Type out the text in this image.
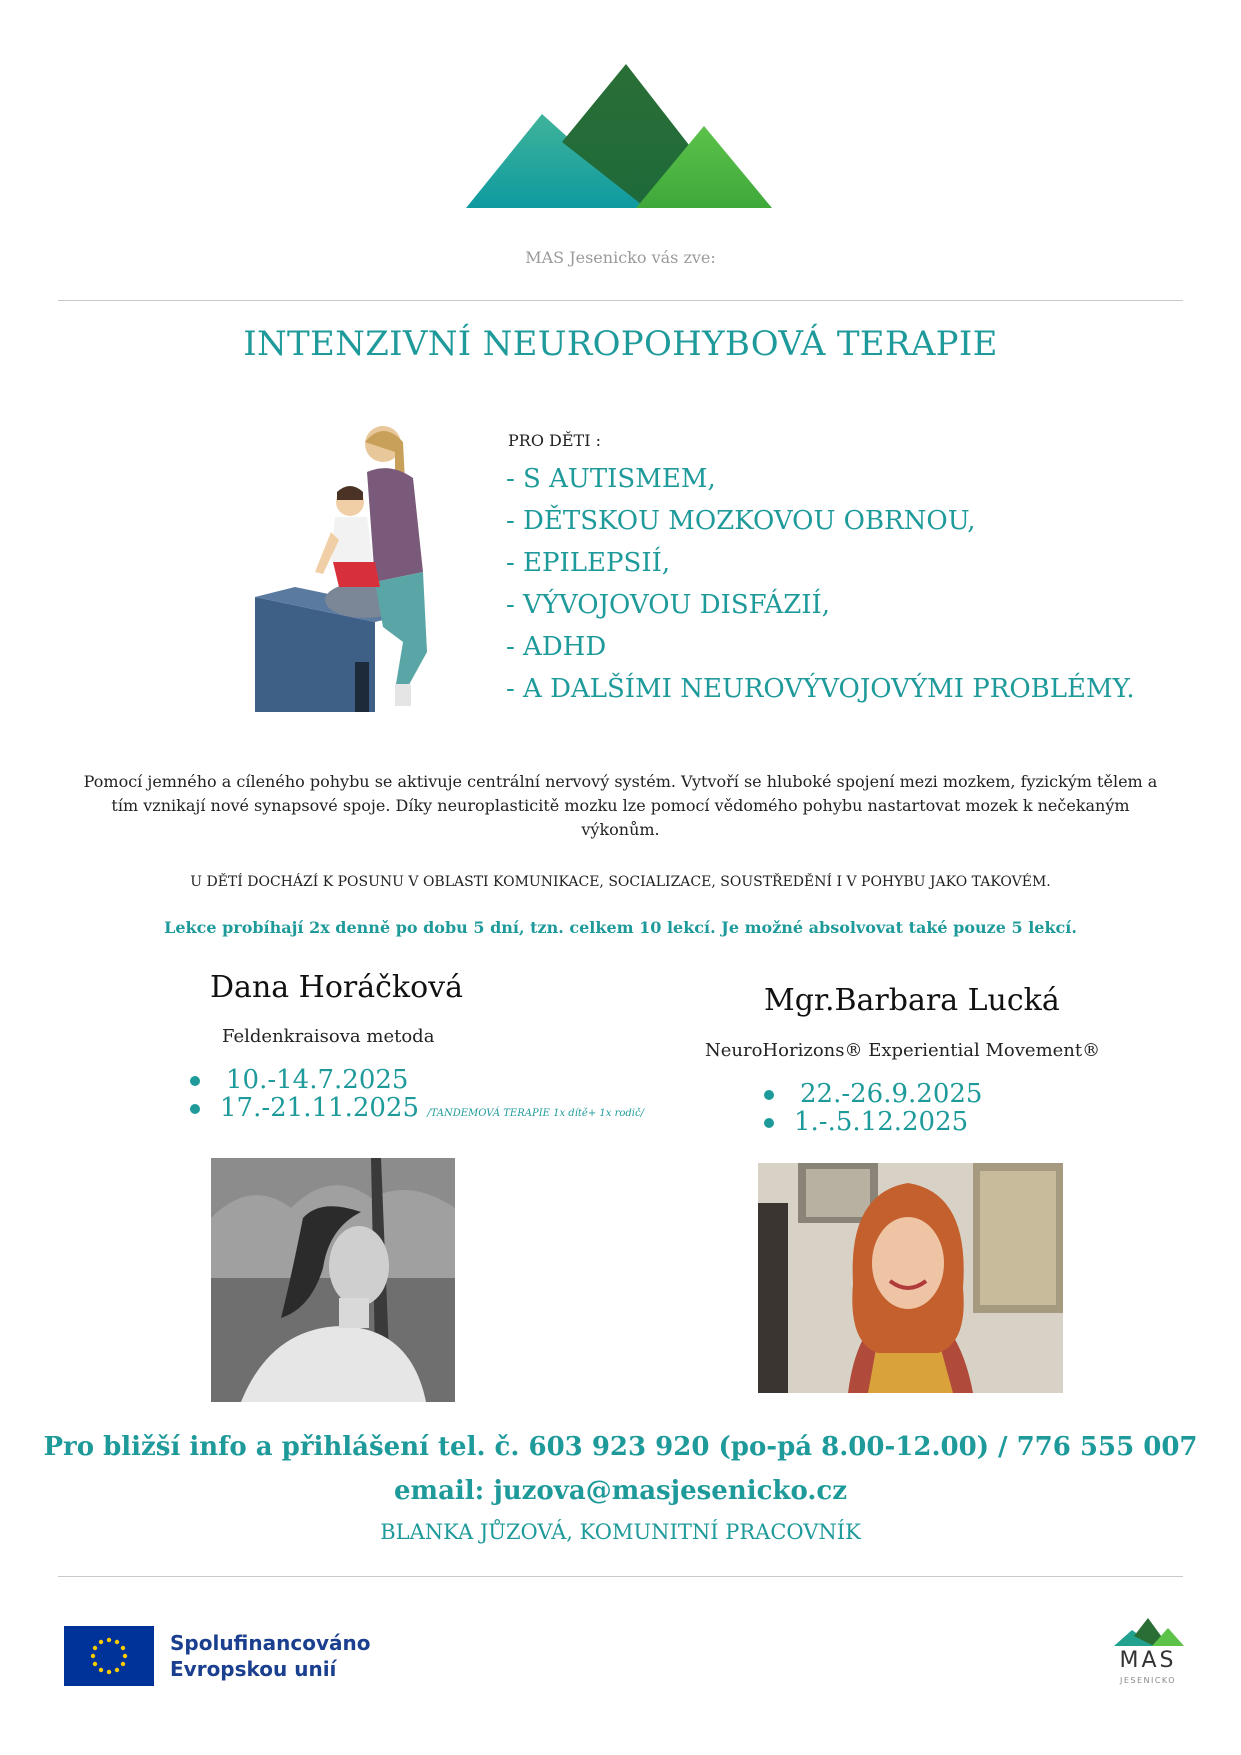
MAS Jesenicko vás zve:
INTENZIVNÍ NEUROPOHYBOVÁ TERAPIE
PRO DĚTI :
- S AUTISMEM,
- DĚTSKOU MOZKOVOU OBRNOU,
- EPILEPSIÍ,
- VÝVOJOVOU DISFÁZIÍ,
- ADHD
- A DALŠÍMI NEUROVÝVOJOVÝMI PROBLÉMY.
Pomocí jemného a cíleného pohybu se aktivuje centrální nervový systém. Vytvoří se hluboké spojení mezi mozkem, fyzickým tělem a tím vznikají nové synapsové spoje. Díky neuroplasticitě mozku lze pomocí vědomého pohybu nastartovat mozek k nečekaným výkonům.
U DĚTÍ DOCHÁZÍ K POSUNU V OBLASTI KOMUNIKACE, SOCIALIZACE, SOUSTŘEDĚNÍ I V POHYBU JAKO TAKOVÉM.
Lekce probíhají 2x denně po dobu 5 dní, tzn. celkem 10 lekcí. Je možné absolvovat také pouze 5 lekcí.
Dana Horáčková
Feldenkraisova metoda
10.-14.7.2025
17.-21.11.2025 /TANDEMOVÁ TERAPIE 1x dítě+ 1x rodič/
Mgr.Barbara Lucká
NeuroHorizons® Experiential Movement®
22.-26.9.2025
1.-.5.12.2025
Pro bližší info a přihlášení tel. č. 603 923 920 (po-pá 8.00-12.00) / 776 555 007
email: juzova@masjesenicko.cz
BLANKA JŮZOVÁ, KOMUNITNÍ PRACOVNÍK
Spolufinancováno
Evropskou unií	MAS
JESENICKO
